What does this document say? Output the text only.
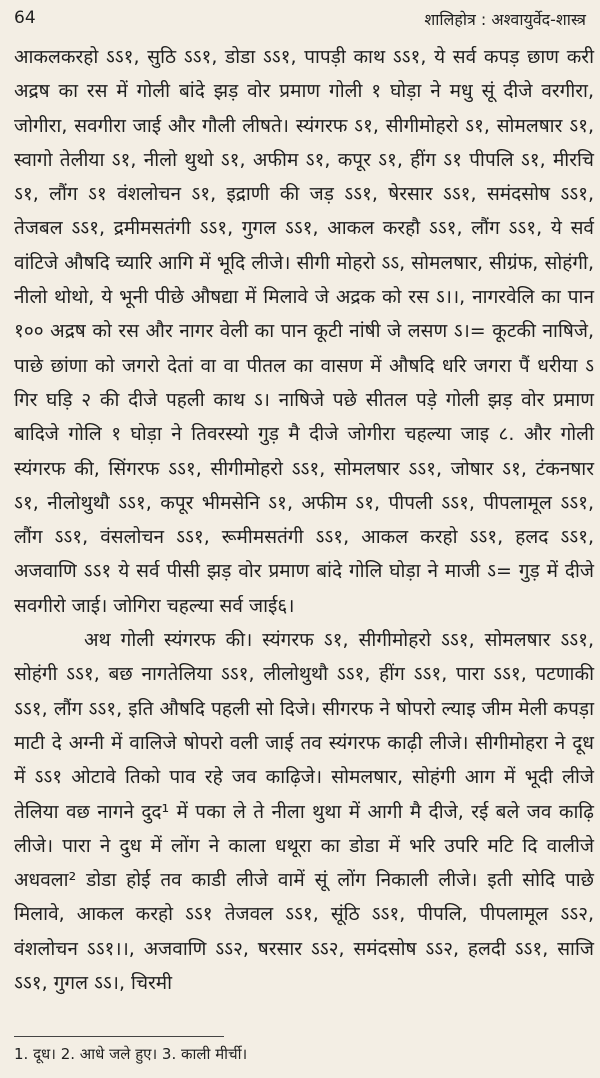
64	शालिहोत्र : अश्वायुर्वेद-शास्त्र

आकलकरहो ऽऽ१, सुठि ऽऽ१, डोडा ऽऽ१, पापड़ी काथ ऽऽ१, ये सर्व कपड़ छाण करी अद्रष का रस में गोली बांदे झड़ वोर प्रमाण गोली १ घोड़ा ने मधु सूं दीजे वरगीरा, जोगीरा, सवगीरा जाई और गौली लीषते। स्यंगरफ ऽ१, सीगीमोहरो ऽ१, सोमलषार ऽ१, स्वागो तेलीया ऽ१, नीलो थुथो ऽ१, अफीम ऽ१, कपूर ऽ१, हींग ऽ१ पीपलि ऽ१, मीरचि ऽ१, लौंग ऽ१ वंशलोचन ऽ१, इद्राणी की जड़ ऽऽ१, षेरसार ऽऽ१, समंदसोष ऽऽ१, तेजबल ऽऽ१, द्रमीमसतंगी ऽऽ१, गुगल ऽऽ१, आकल करहौ ऽऽ१, लौंग ऽऽ१, ये सर्व वांटिजे औषदि च्यारि आगि में भूदि लीजे। सीगी मोहरो ऽऽ, सोमलषार, सीग्रंफ, सोहंगी, नीलो थोथो, ये भूनी पीछे औषद्या में मिलावे जे अद्रक को रस ऽ।।, नागरवेलि का पान १०० अद्रष को रस और नागर वेली का पान कूटी नांषी जे लसण ऽ।= कूटकी नाषिजे, पाछे छांणा को जगरो देतां वा वा पीतल का वासण में औषदि धरि जगरा पैं धरीया ऽ गिर घड़ि २ की दीजे पहली काथ ऽ। नाषिजे पछे सीतल पड़े गोली झड़ वोर प्रमाण बादिजे गोलि १ घोड़ा ने तिवरस्यो गुड़ मै दीजे जोगीरा चहल्या जाइ ८. और गोली स्यंगरफ की, सिंगरफ ऽऽ१, सीगीमोहरो ऽऽ१, सोमलषार ऽऽ१, जोषार ऽ१, टंकनषार ऽ१, नीलोथुथौ ऽऽ१, कपूर भीमसेनि ऽ१, अफीम ऽ१, पीपली ऽऽ१, पीपलामूल ऽऽ१, लौंग ऽऽ१, वंसलोचन ऽऽ१, रूमीमसतंगी ऽऽ१, आकल करहो ऽऽ१, हलद ऽऽ१, अजवाणि ऽऽ१ ये सर्व पीसी झड़ वोर प्रमाण बांदे गोलि घोड़ा ने माजी ऽ= गुड़ में दीजे सवगीरो जाई। जोगिरा चहल्या सर्व जाई६।

अथ गोली स्यंगरफ की। स्यंगरफ ऽ१, सीगीमोहरो ऽऽ१, सोमलषार ऽऽ१, सोहंगी ऽऽ१, बछ नागतेलिया ऽऽ१, लीलोथुथौ ऽऽ१, हींग ऽऽ१, पारा ऽऽ१, पटणाकी ऽऽ१, लौंग ऽऽ१, इति औषदि पहली सो दिजे। सीगरफ ने षोपरो ल्याइ जीम मेली कपड़ा माटी दे अग्नी में वालिजे षोपरो वली जाई तव स्यंगरफ काढ़ी लीजे। सीगीमोहरा ने दूध में ऽऽ१ ओटावे तिको पाव रहे जव काढ़िजे। सोमलषार, सोहंगी आग में भूदी लीजे तेलिया वछ नागने दुद¹ में पका ले ते नीला थुथा में आगी मै दीजे, रई बले जव काढ़ि लीजे। पारा ने दुध में लोंग ने काला धथूरा का डोडा में भरि उपरि मटि दि वालीजे अधवला² डोडा होई तव काडी लीजे वामें सूं लोंग निकाली लीजे। इती सोदि पाछे मिलावे, आकल करहो ऽऽ१ तेजवल ऽऽ१, सूंठि ऽऽ१, पीपलि, पीपलामूल ऽऽ२, वंशलोचन ऽऽ१।।, अजवाणि ऽऽ२, षरसार ऽऽ२, समंदसोष ऽऽ२, हलदी ऽऽ१, साजि ऽऽ१, गुगल ऽऽ।, चिरमी

1. दूध। 2. आधे जले हुए। 3. काली मीर्ची।
